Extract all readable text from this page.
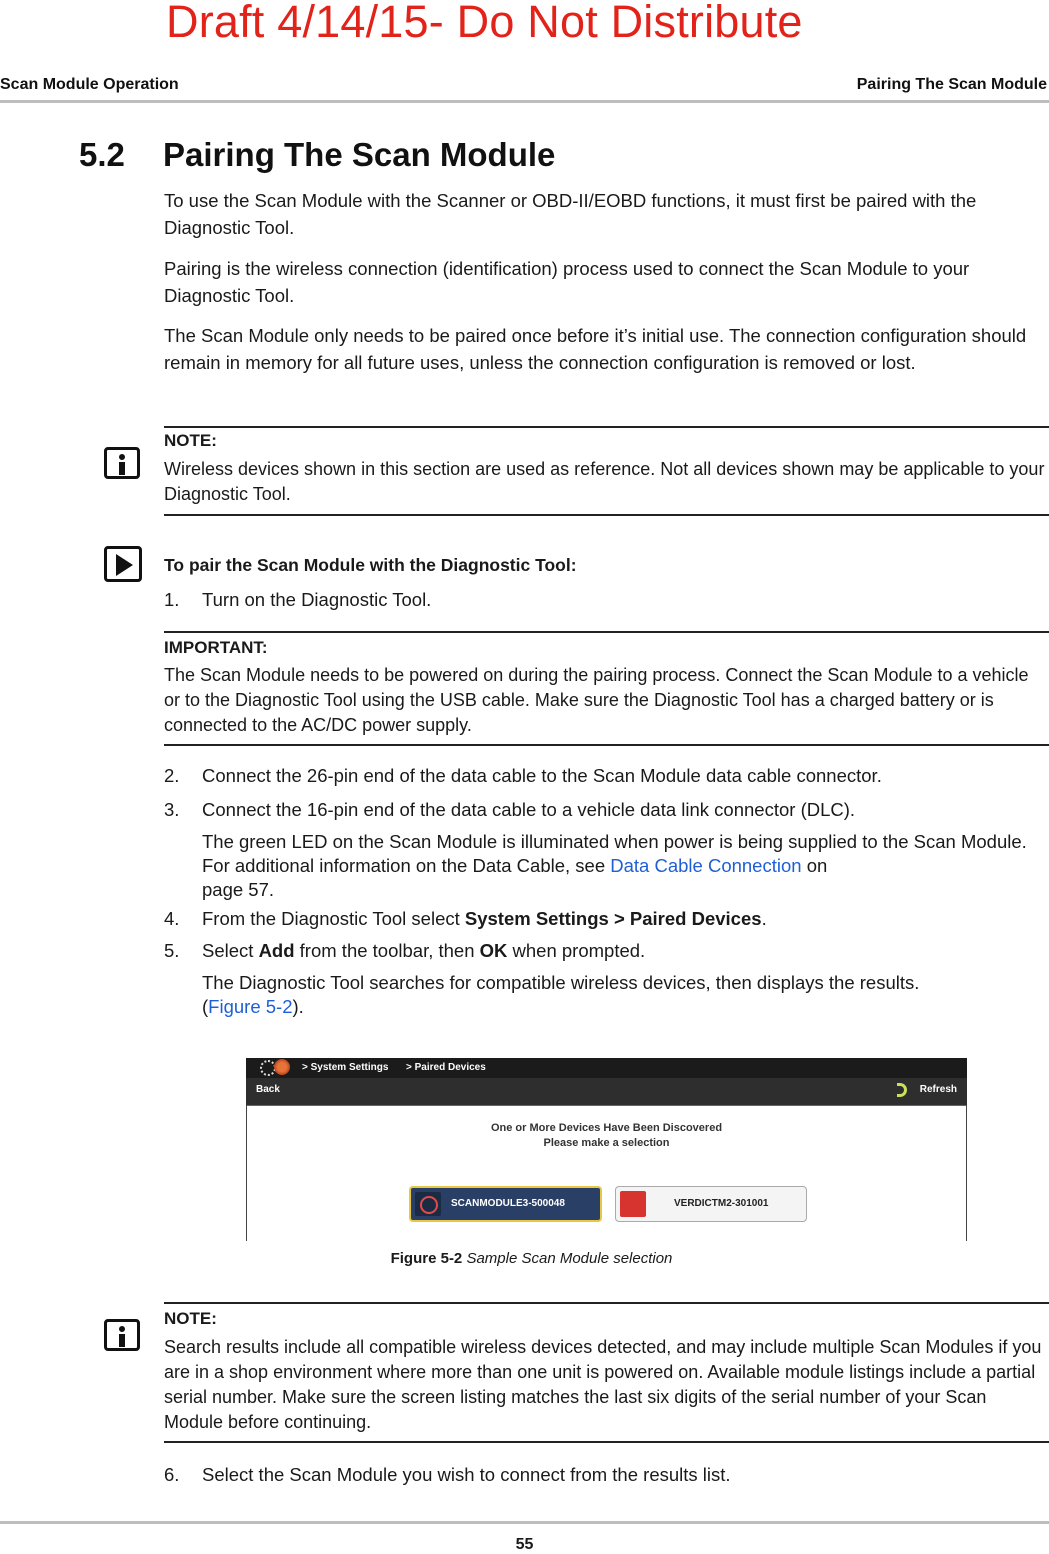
Draft 4/14/15- Do Not Distribute
Scan Module Operation	Pairing The Scan Module
5.2 Pairing The Scan Module

To use the Scan Module with the Scanner or OBD-II/EOBD functions, it must first be paired with the Diagnostic Tool.

Pairing is the wireless connection (identification) process used to connect the Scan Module to your Diagnostic Tool.

The Scan Module only needs to be paired once before it’s initial use. The connection configuration should remain in memory for all future uses, unless the connection configuration is removed or lost.

NOTE:
Wireless devices shown in this section are used as reference. Not all devices shown may be applicable to your Diagnostic Tool.
To pair the Scan Module with the Diagnostic Tool:
1. Turn on the Diagnostic Tool.
IMPORTANT:
The Scan Module needs to be powered on during the pairing process. Connect the Scan Module to a vehicle or to the Diagnostic Tool using the USB cable. Make sure the Diagnostic Tool has a charged battery or is connected to the AC/DC power supply.
2. Connect the 26-pin end of the data cable to the Scan Module data cable connector.
3. Connect the 16-pin end of the data cable to a vehicle data link connector (DLC).
The green LED on the Scan Module is illuminated when power is being supplied to the Scan Module. For additional information on the Data Cable, see Data Cable Connection on
page 57.
4. From the Diagnostic Tool select System Settings > Paired Devices.
5. Select Add from the toolbar, then OK when prompted.
The Diagnostic Tool searches for compatible wireless devices, then displays the results.
(Figure 5-2).
> System Settings > Paired Devices
Back	Refresh
One or More Devices Have Been Discovered
Please make a selection
SCANMODULE3-500048	VERDICTM2-301001
Figure 5-2 Sample Scan Module selection
NOTE:
Search results include all compatible wireless devices detected, and may include multiple Scan Modules if you are in a shop environment where more than one unit is powered on. Available module listings include a partial serial number. Make sure the screen listing matches the last six digits of the serial number of your Scan Module before continuing.
6. Select the Scan Module you wish to connect from the results list.
55
